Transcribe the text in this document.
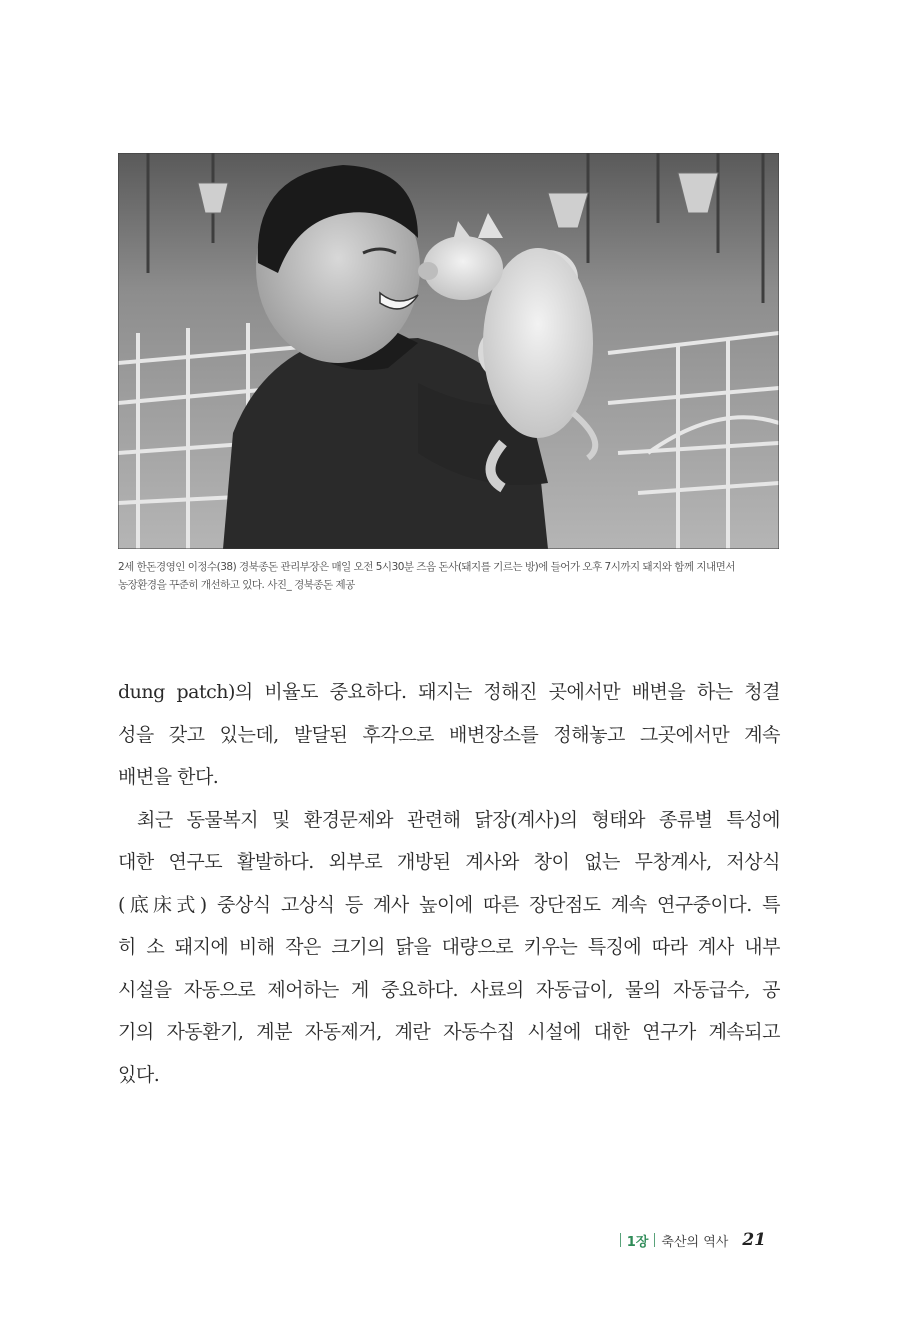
2세 한돈경영인 이정수(38) 경북종돈 관리부장은 매일 오전 5시30분 즈음 돈사(돼지를 기르는 방)에 들어가 오후 7시까지 돼지와 함께 지내면서
농장환경을 꾸준히 개선하고 있다. 사진_ 경북종돈 제공
dung patch)의 비율도 중요하다. 돼지는 정해진 곳에서만 배변을 하는 청결
성을 갖고 있는데, 발달된 후각으로 배변장소를 정해놓고 그곳에서만 계속
배변을 한다.
최근 동물복지 및 환경문제와 관련해 닭장(계사)의 형태와 종류별 특성에
대한 연구도 활발하다. 외부로 개방된 계사와 창이 없는 무창계사, 저상식
(底床式) 중상식 고상식 등 계사 높이에 따른 장단점도 계속 연구중이다. 특
히 소 돼지에 비해 작은 크기의 닭을 대량으로 키우는 특징에 따라 계사 내부
시설을 자동으로 제어하는 게 중요하다. 사료의 자동급이, 물의 자동급수, 공
기의 자동환기, 계분 자동제거, 계란 자동수집 시설에 대한 연구가 계속되고
있다.
1장 축산의 역사 21
